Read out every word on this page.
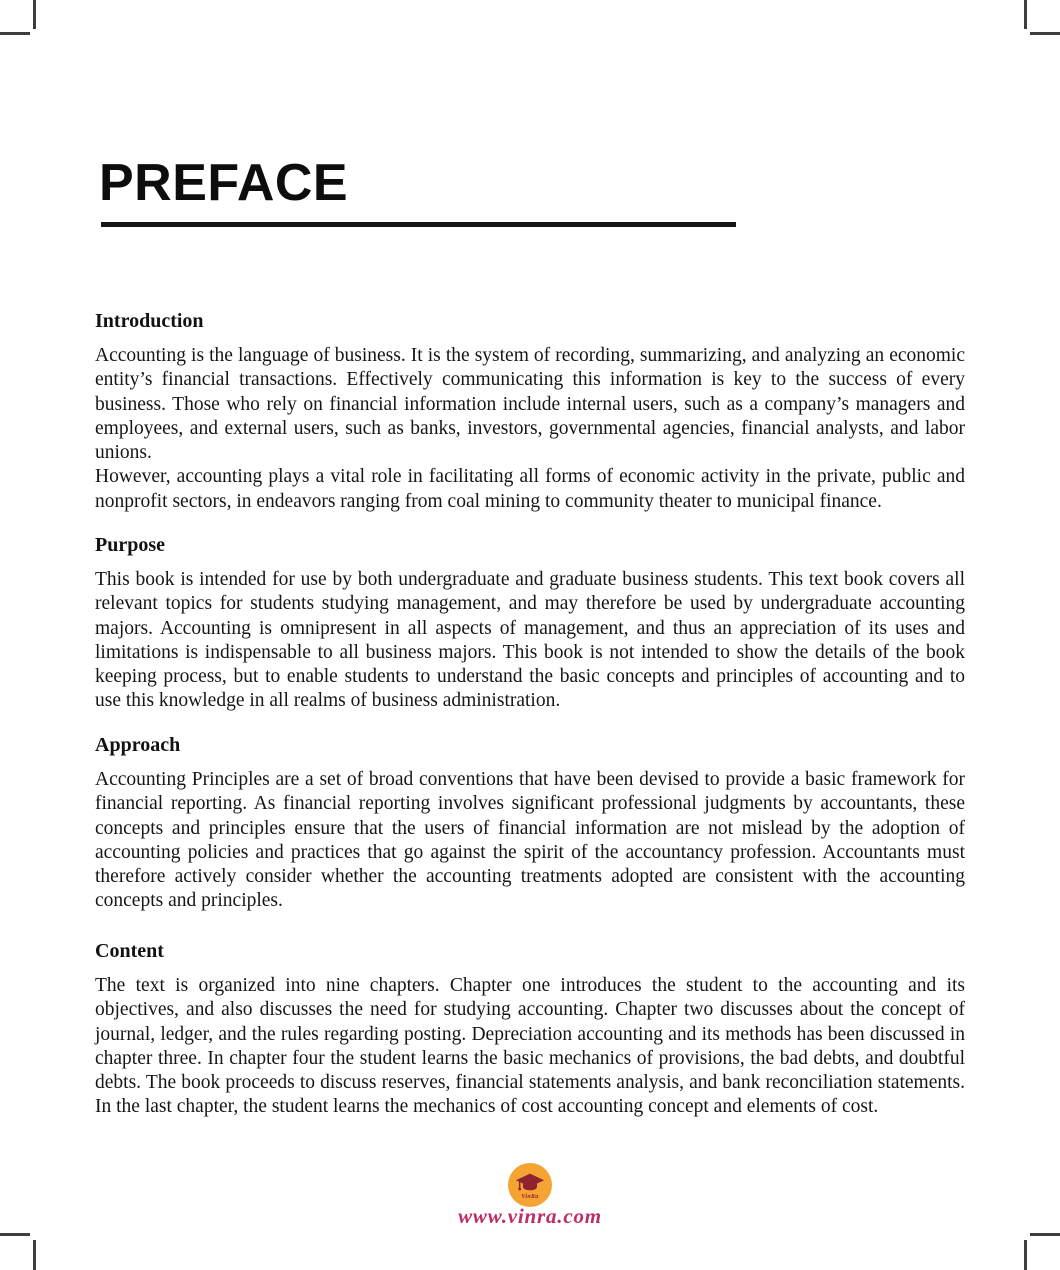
PREFACE
Introduction

Accounting is the language of business. It is the system of recording, summarizing, and analyzing an economic entity’s financial transactions. Effectively communicating this information is key to the success of every business. Those who rely on financial information include internal users, such as a company’s managers and employees, and external users, such as banks, investors, governmental agencies, financial analysts, and labor unions.

However, accounting plays a vital role in facilitating all forms of economic activity in the private, public and nonprofit sectors, in endeavors ranging from coal mining to community theater to municipal finance.

Purpose

This book is intended for use by both undergraduate and graduate business students. This text book covers all relevant topics for students studying management, and may therefore be used by undergraduate accounting majors. Accounting is omnipresent in all aspects of management, and thus an appreciation of its uses and limitations is indispensable to all business majors. This book is not intended to show the details of the book keeping process, but to enable students to understand the basic concepts and principles of accounting and to use this knowledge in all realms of business administration.

Approach

Accounting Principles are a set of broad conventions that have been devised to provide a basic framework for financial reporting. As financial reporting involves significant professional judgments by accountants, these concepts and principles ensure that the users of financial information are not mislead by the adoption of accounting policies and practices that go against the spirit of the accountancy profession. Accountants must therefore actively consider whether the accounting treatments adopted are consistent with the accounting concepts and principles.

Content

The text is organized into nine chapters. Chapter one introduces the student to the accounting and its objectives, and also discusses the need for studying accounting. Chapter two discusses about the concept of journal, ledger, and the rules regarding posting. Depreciation accounting and its methods has been discussed in chapter three. In chapter four the student learns the basic mechanics of provisions, the bad debts, and doubtful debts. The book proceeds to discuss reserves, financial statements analysis, and bank reconciliation statements. In the last chapter, the student learns the mechanics of cost accounting concept and elements of cost.

VinRa
www.vinra.com
